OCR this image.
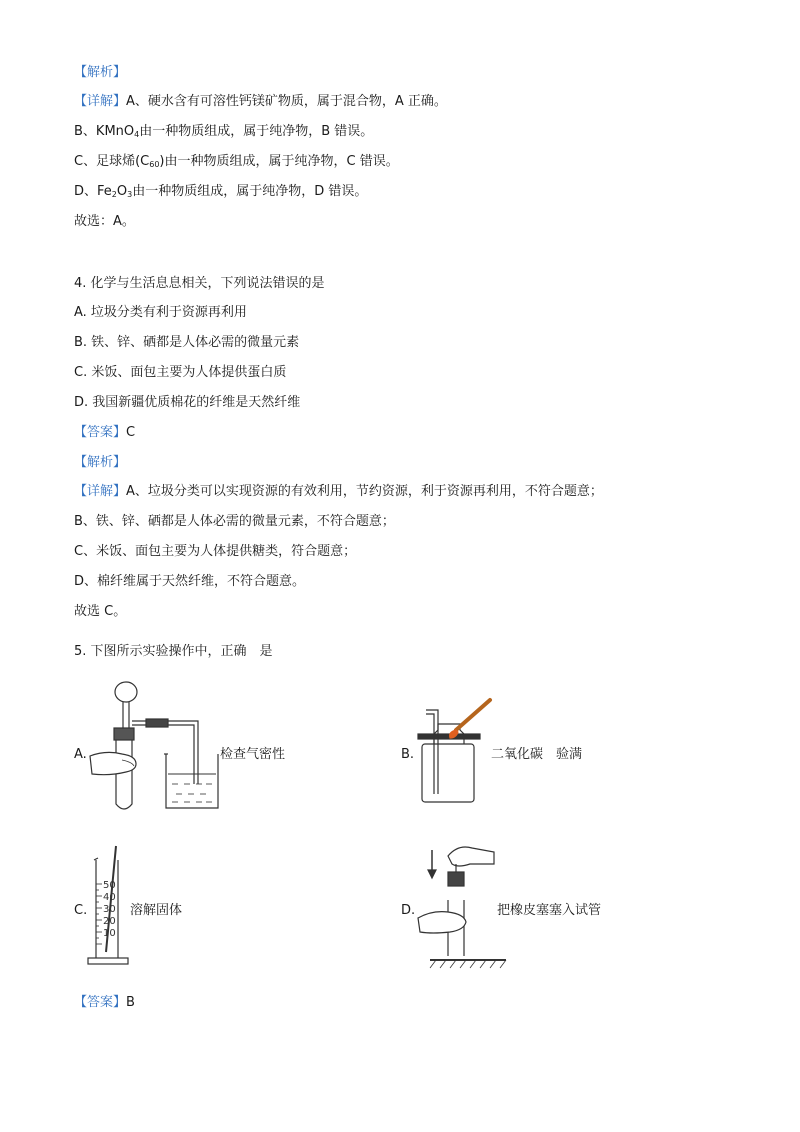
【解析】
【详解】A、硬水含有可溶性钙镁矿物质，属于混合物，A 正确。
B、KMnO$_4$由一种物质组成，属于纯净物，B 错误。
C、足球烯$(C_{60})$由一种物质组成，属于纯净物，C 错误。
D、$Fe_2O_3$由一种物质组成，属于纯净物，D 错误。
故选：A。
4. 化学与生活息息相关，下列说法错误的是
A. 垃圾分类有利于资源再利用
B. 铁、锌、硒都是人体必需的微量元素
C. 米饭、面包主要为人体提供蛋白质
D. 我国新疆优质棉花的纤维是天然纤维
【答案】C
【解析】
【详解】A、垃圾分类可以实现资源的有效利用，节约资源，利于资源再利用，不符合题意；
B、铁、锌、硒都是人体必需的微量元素，不符合题意；
C、米饭、面包主要为人体提供糖类，符合题意；
D、棉纤维属于天然纤维，不符合题意。
故选 C。
5. 下图所示实验操作中，正确　是
A.	检查气密性	B.	二氧化碳　验满
C.
50
40
30
20
10
溶解固体	D.	把橡皮塞塞入试管
【答案】B
